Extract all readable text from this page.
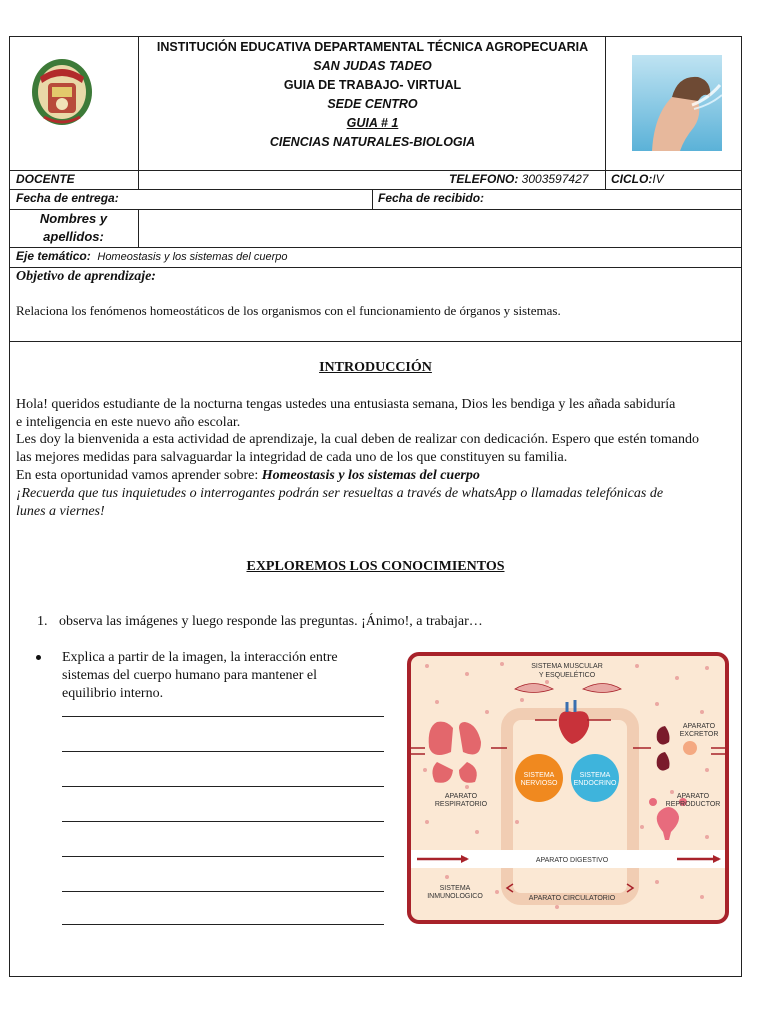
INSTITUCIÓN EDUCATIVA DEPARTAMENTAL TÉCNICA AGROPECUARIA
SAN JUDAS TADEO
GUIA DE TRABAJO- VIRTUAL
SEDE CENTRO
GUIA # 1
CIENCIAS NATURALES-BIOLOGIA
DOCENTE	TELEFONO: 3003597427 CICLO:IV
Fecha de entrega:	Fecha de recibido:
Nombres y
apellidos:
Eje temático: Homeostasis y los sistemas del cuerpo
Objetivo de aprendizaje:
Relaciona los fenómenos homeostáticos de los organismos con el funcionamiento de órganos y sistemas.
INTRODUCCIÓN
Hola! queridos estudiante de la nocturna tengas ustedes una entusiasta semana, Dios les bendiga y les añada sabiduría
e inteligencia en este nuevo año escolar.
Les doy la bienvenida a esta actividad de aprendizaje, la cual deben de realizar con dedicación. Espero que estén tomando
las mejores medidas para salvaguardar la integridad de cada uno de los que constituyen su familia.
En esta oportunidad vamos aprender sobre: Homeostasis y los sistemas del cuerpo
¡Recuerda que tus inquietudes o interrogantes podrán ser resueltas a través de whatsApp o llamadas telefónicas de
lunes a viernes!
EXPLOREMOS LOS CONOCIMIENTOS
1. observa las imágenes y luego responde las preguntas. ¡Ánimo!, a trabajar…
Explica a partir de la imagen, la interacción entre
sistemas del cuerpo humano para mantener el
equilibrio interno.
SISTEMA MUSCULAR
Y ESQUELÉTICO
APARATO
EXCRETOR
APARATO
RESPIRATORIO
SISTEMA
NERVIOSO
SISTEMA
ENDOCRINO
APARATO
REPRODUCTOR
APARATO DIGESTIVO
SISTEMA
INMUNOLOGICO	APARATO CIRCULATORIO
